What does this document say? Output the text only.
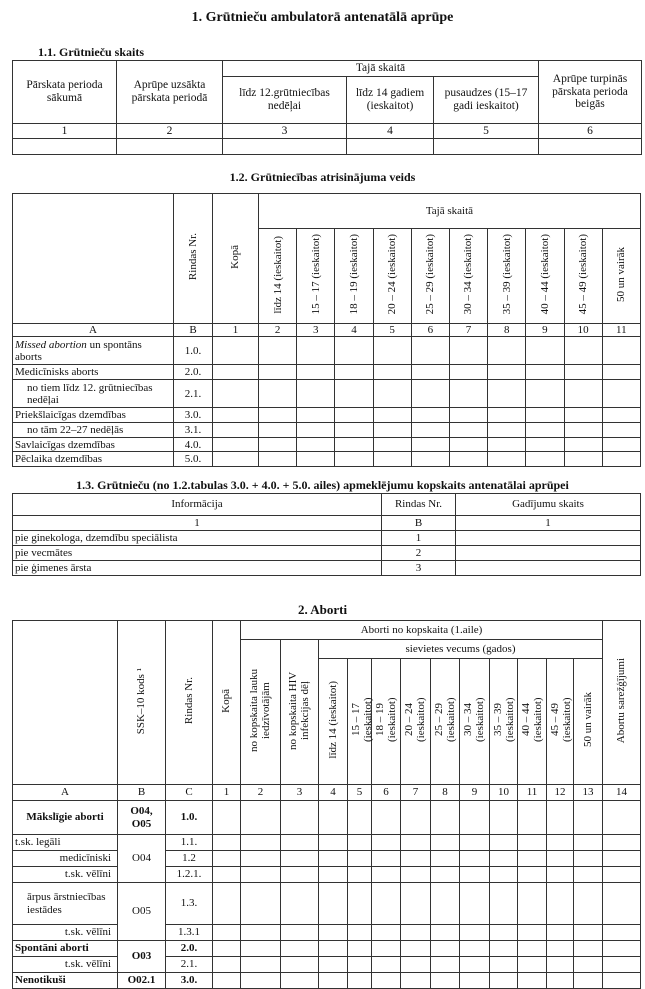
1. Grūtnieču ambulatorā antenatālā aprūpe
1.1. Grūtnieču skaits
Pārskata perioda sākumā	Aprūpe uzsākta pārskata periodā	Tajā skaitā			Aprūpe turpinās pārskata perioda beigās
		līdz 12.grūtniecības nedēļai	līdz 14 gadiem (ieskaitot)	pusaudzes (15–17 gadi ieskaitot)	
1	2	3	4	5	6

1.2. Grūtniecības atrisinājuma veids
	Rindas Nr.	Kopā	Tajā skaitā									
			līdz 14 (ieskaitot)	15 – 17 (ieskaitot)	18 – 19 (ieskaitot)	20 – 24 (ieskaitot)	25 – 29 (ieskaitot)	30 – 34 (ieskaitot)	35 – 39 (ieskaitot)	40 – 44 (ieskaitot)	45 – 49 (ieskaitot)	50 un vairāk
A	B	1	2	3	4	5	6	7	8	9	10	11
Missed abortion un spontāns aborts	1.0.											
Medicīnisks aborts	2.0.											
no tiem līdz 12. grūtniecības nedēļai	2.1.											
Priekšlaicīgas dzemdības	3.0.											
no tām 22–27 nedēļās	3.1.											
Savlaicīgas dzemdības	4.0.											
Pēclaika dzemdības	5.0.											
1.3. Grūtnieču (no 1.2.tabulas 3.0. + 4.0. + 5.0. ailes) apmeklējumu kopskaits antenatālai aprūpei
Informācija	Rindas Nr.	Gadījumu skaits
1	B	1
pie ginekologa, dzemdību speciālista	1	
pie vecmātes	2	
pie ģimenes ārsta	3	
2. Aborti
	SSK–10 kods ¹	Rindas Nr.	Kopā	Aborti no kopskaita (1.aile)												Abortu sarežģījumi
				no kopskaita lauku iedzīvotājām	no kopskaita HIV infekcijas dēļ	sievietes vecums (gados)										
						līdz 14 (ieskaitot)	15 – 17 (ieskaitot)	18 – 19 (ieskaitot)	20 – 24 (ieskaitot)	25 – 29 (ieskaitot)	30 – 34 (ieskaitot)	35 – 39 (ieskaitot)	40 – 44 (ieskaitot)	45 – 49 (ieskaitot)	50 un vairāk	
A	B	C	1	2	3	4	5	6	7	8	9	10	11	12	13	14
Mākslīgie aborti	O04, O05	1.0.														
t.sk. legāli	O04	1.1.														
medicīniski		1.2														
t.sk. vēlīni		1.2.1.														
ārpus ārstniecības iestādes	O05	1.3.														
t.sk. vēlīni		1.3.1														
Spontāni aborti	O03	2.0.														
t.sk. vēlīni		2.1.														
Nenotikuši	O02.1	3.0.														
